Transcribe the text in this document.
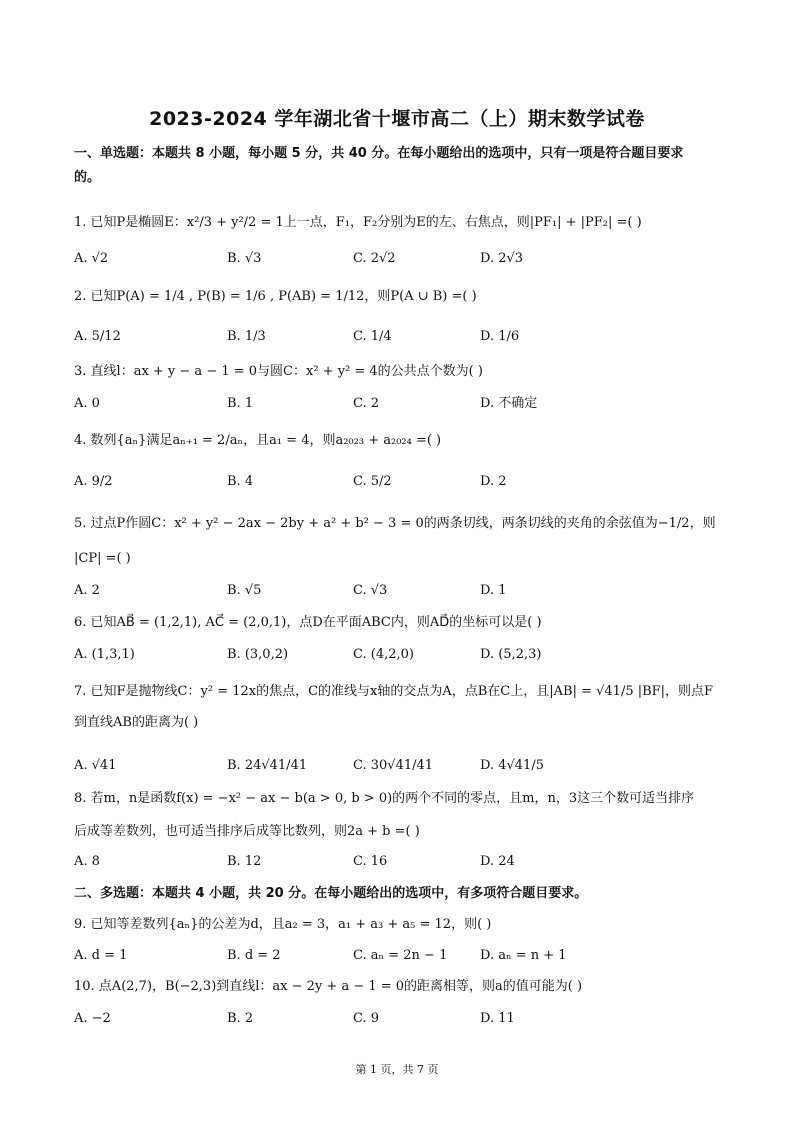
2023-2024 学年湖北省十堰市高二（上）期末数学试卷
一、单选题：本题共 8 小题，每小题 5 分，共 40 分。在每小题给出的选项中，只有一项是符合题目要求
的。
1. 已知P是椭圆E：x²/3 + y²/2 = 1上一点，F₁，F₂分别为E的左、右焦点，则|PF₁| + |PF₂| =( )
A. √2	B. √3	C. 2√2	D. 2√3
2. 已知P(A) = 1/4 , P(B) = 1/6 , P(AB) = 1/12，则P(A ∪ B) =( )
A. 5/12	B. 1/3	C. 1/4	D. 1/6
3. 直线l：ax + y − a − 1 = 0与圆C：x² + y² = 4的公共点个数为( )
A. 0	B. 1	C. 2	D. 不确定
4. 数列{aₙ}满足aₙ₊₁ = 2/aₙ，且a₁ = 4，则a₂₀₂₃ + a₂₀₂₄ =( )
A. 9/2	B. 4	C. 5/2	D. 2
5. 过点P作圆C：x² + y² − 2ax − 2by + a² + b² − 3 = 0的两条切线，两条切线的夹角的余弦值为−1/2，则
|CP| =( )
A. 2	B. √5	C. √3	D. 1
6. 已知AB⃗ = (1,2,1), AC⃗ = (2,0,1)，点D在平面ABC内，则AD⃗的坐标可以是( )
A. (1,3,1)	B. (3,0,2)	C. (4,2,0)	D. (5,2,3)
7. 已知F是抛物线C：y² = 12x的焦点，C的准线与x轴的交点为A，点B在C上，且|AB| = √41/5 |BF|，则点F
到直线AB的距离为( )
A. √41	B. 24√41/41	C. 30√41/41	D. 4√41/5
8. 若m，n是函数f(x) = −x² − ax − b(a > 0, b > 0)的两个不同的零点，且m，n，3这三个数可适当排序
后成等差数列，也可适当排序后成等比数列，则2a + b =( )
A. 8	B. 12	C. 16	D. 24
二、多选题：本题共 4 小题，共 20 分。在每小题给出的选项中，有多项符合题目要求。
9. 已知等差数列{aₙ}的公差为d，且a₂ = 3，a₁ + a₃ + a₅ = 12，则( )
A. d = 1	B. d = 2	C. aₙ = 2n − 1	D. aₙ = n + 1
10. 点A(2,7)，B(−2,3)到直线l：ax − 2y + a − 1 = 0的距离相等，则a的值可能为( )
A. −2	B. 2	C. 9	D. 11
第 1 页，共 7 页
